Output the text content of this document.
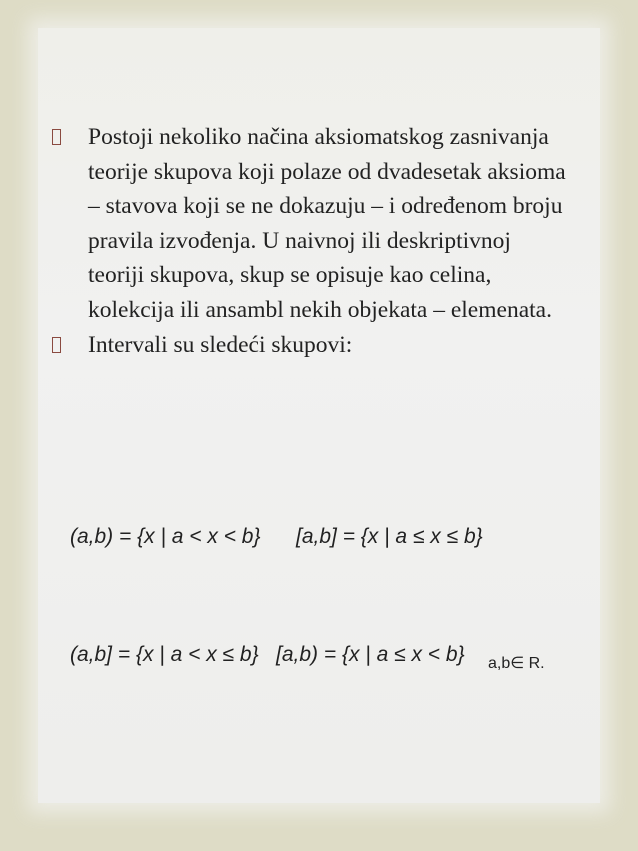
Postoji nekoliko načina aksiomatskog zasnivanja teorije skupova koji polaze od dvadesetak aksioma – stavova koji se ne dokazuju – i određenom broju pravila izvođenja. U naivnoj ili deskriptivnoj teoriji skupova, skup se opisuje kao celina, kolekcija ili ansambl nekih objekata – elemenata.
Intervali su sledeći skupovi:
(a,b) = {x | a < x < b} [a,b] = {x | a ≤ x ≤ b}
(a,b] = {x | a < x ≤ b} [a,b) = {x | a ≤ x < b} a,b∈ R.
